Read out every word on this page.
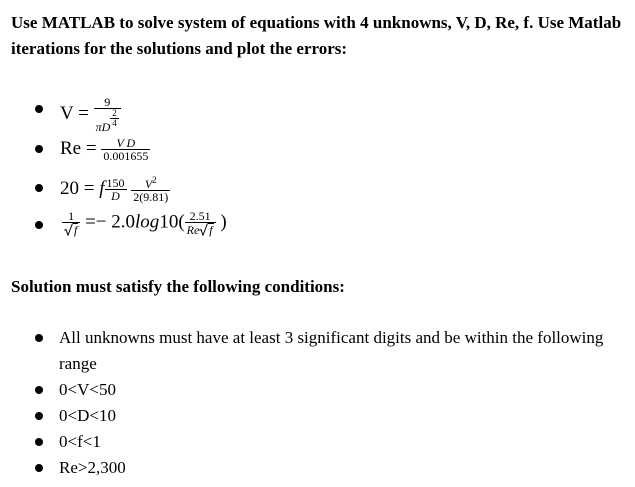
Use MATLAB to solve system of equations with 4 unknowns, V, D, Re, f. Use Matlab iterations for the solutions and plot the errors:

$V = \frac{9}{\pi D \frac{2}{4}}$
$Re = \frac{\text{V D}}{0.001655}$
20 = f $\frac{150}{D}$
$\frac{V^2}{2(9.81)}$
$\frac{1}{f} =- 2.0\log 10( \frac{2.51}{\text{Re f}}$ )

Solution must satisfy the following conditions:

All unknowns must have at least 3 significant digits and be within the following range
0<V<50
0<D<10
0<f<1
Re>2,300
